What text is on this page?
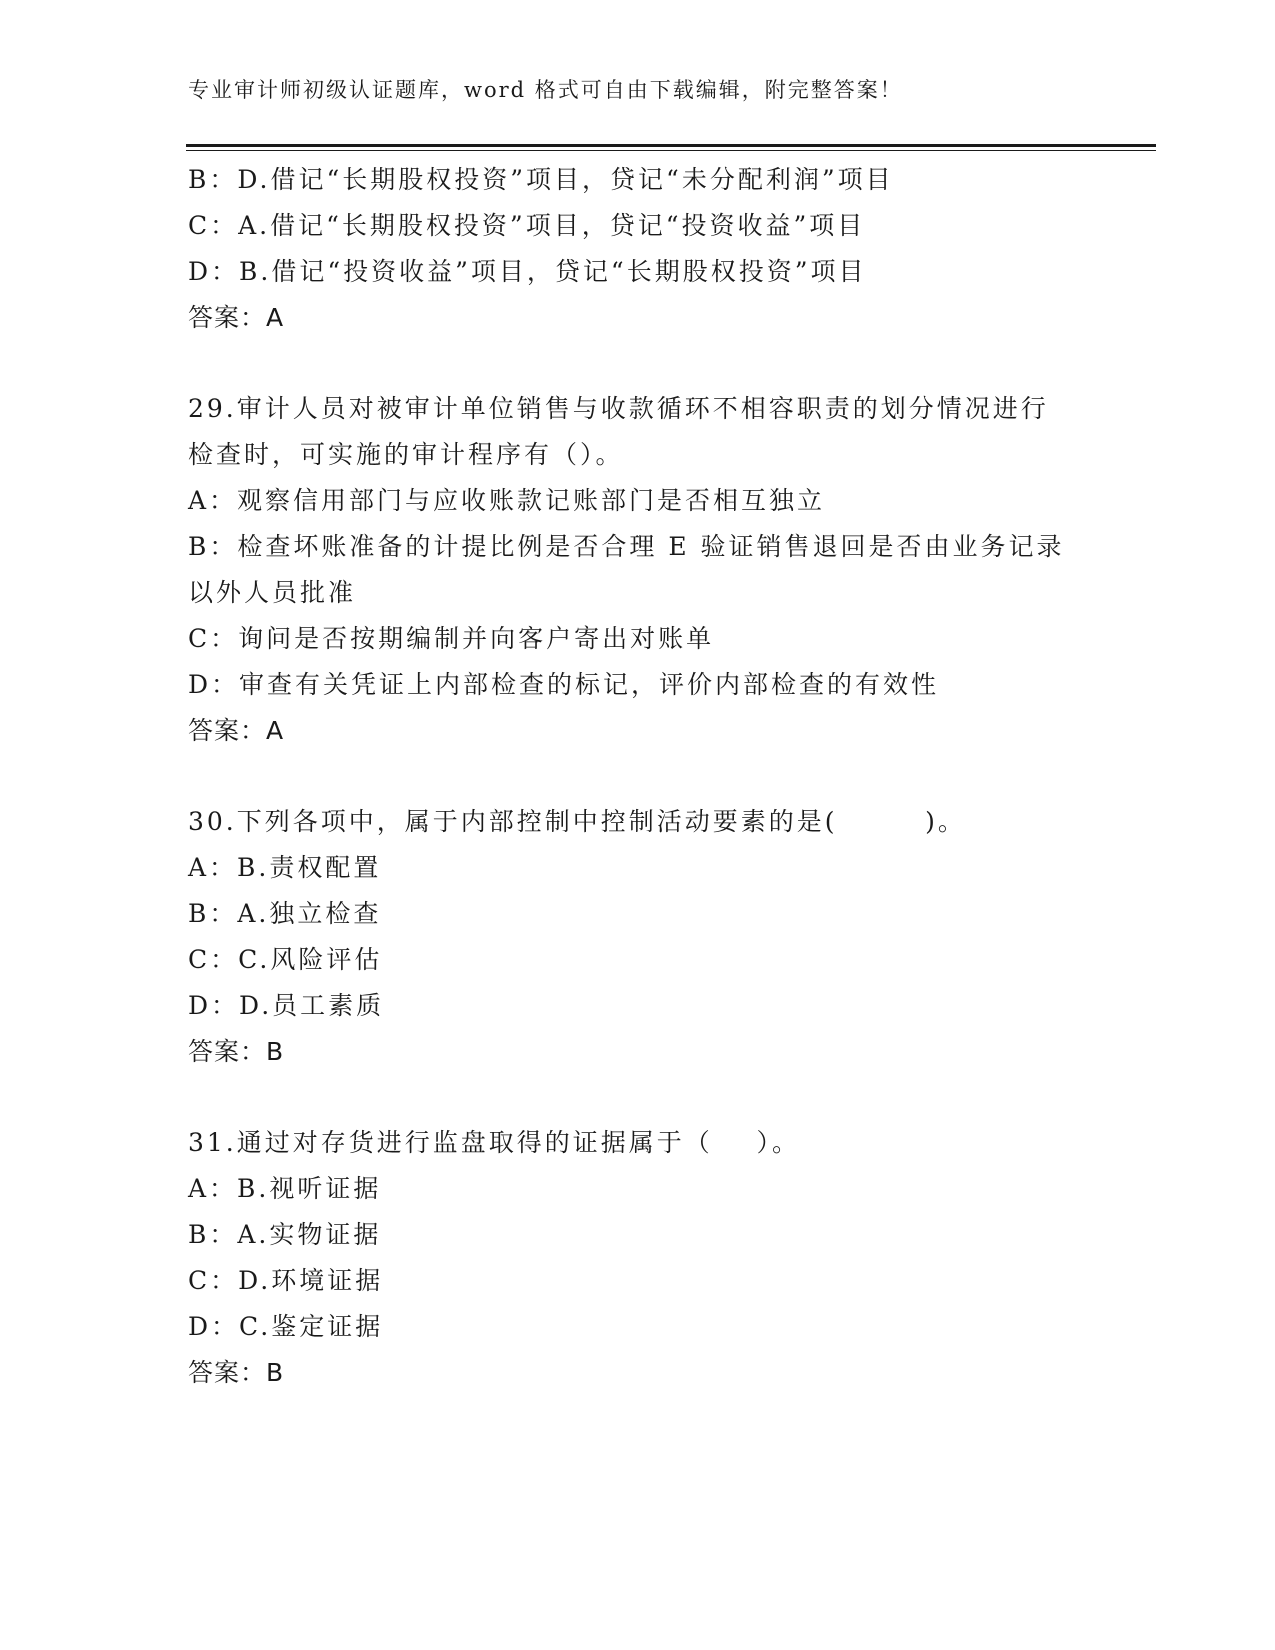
专业审计师初级认证题库，word 格式可自由下载编辑，附完整答案！
B：D.借记“长期股权投资”项目，贷记“未分配利润”项目
C：A.借记“长期股权投资”项目，贷记“投资收益”项目
D：B.借记“投资收益”项目，贷记“长期股权投资”项目
答案：A
29.审计人员对被审计单位销售与收款循环不相容职责的划分情况进行
检查时，可实施的审计程序有（）。
A：观察信用部门与应收账款记账部门是否相互独立
B：检查坏账准备的计提比例是否合理 E 验证销售退回是否由业务记录
以外人员批准
C：询问是否按期编制并向客户寄出对账单
D：审查有关凭证上内部检查的标记，评价内部检查的有效性
答案：A
30.下列各项中，属于内部控制中控制活动要素的是(        )。
A：B.责权配置
B：A.独立检查
C：C.风险评估
D：D.员工素质
答案：B
31.通过对存货进行监盘取得的证据属于（    ）。
A：B.视听证据
B：A.实物证据
C：D.环境证据
D：C.鉴定证据
答案：B
